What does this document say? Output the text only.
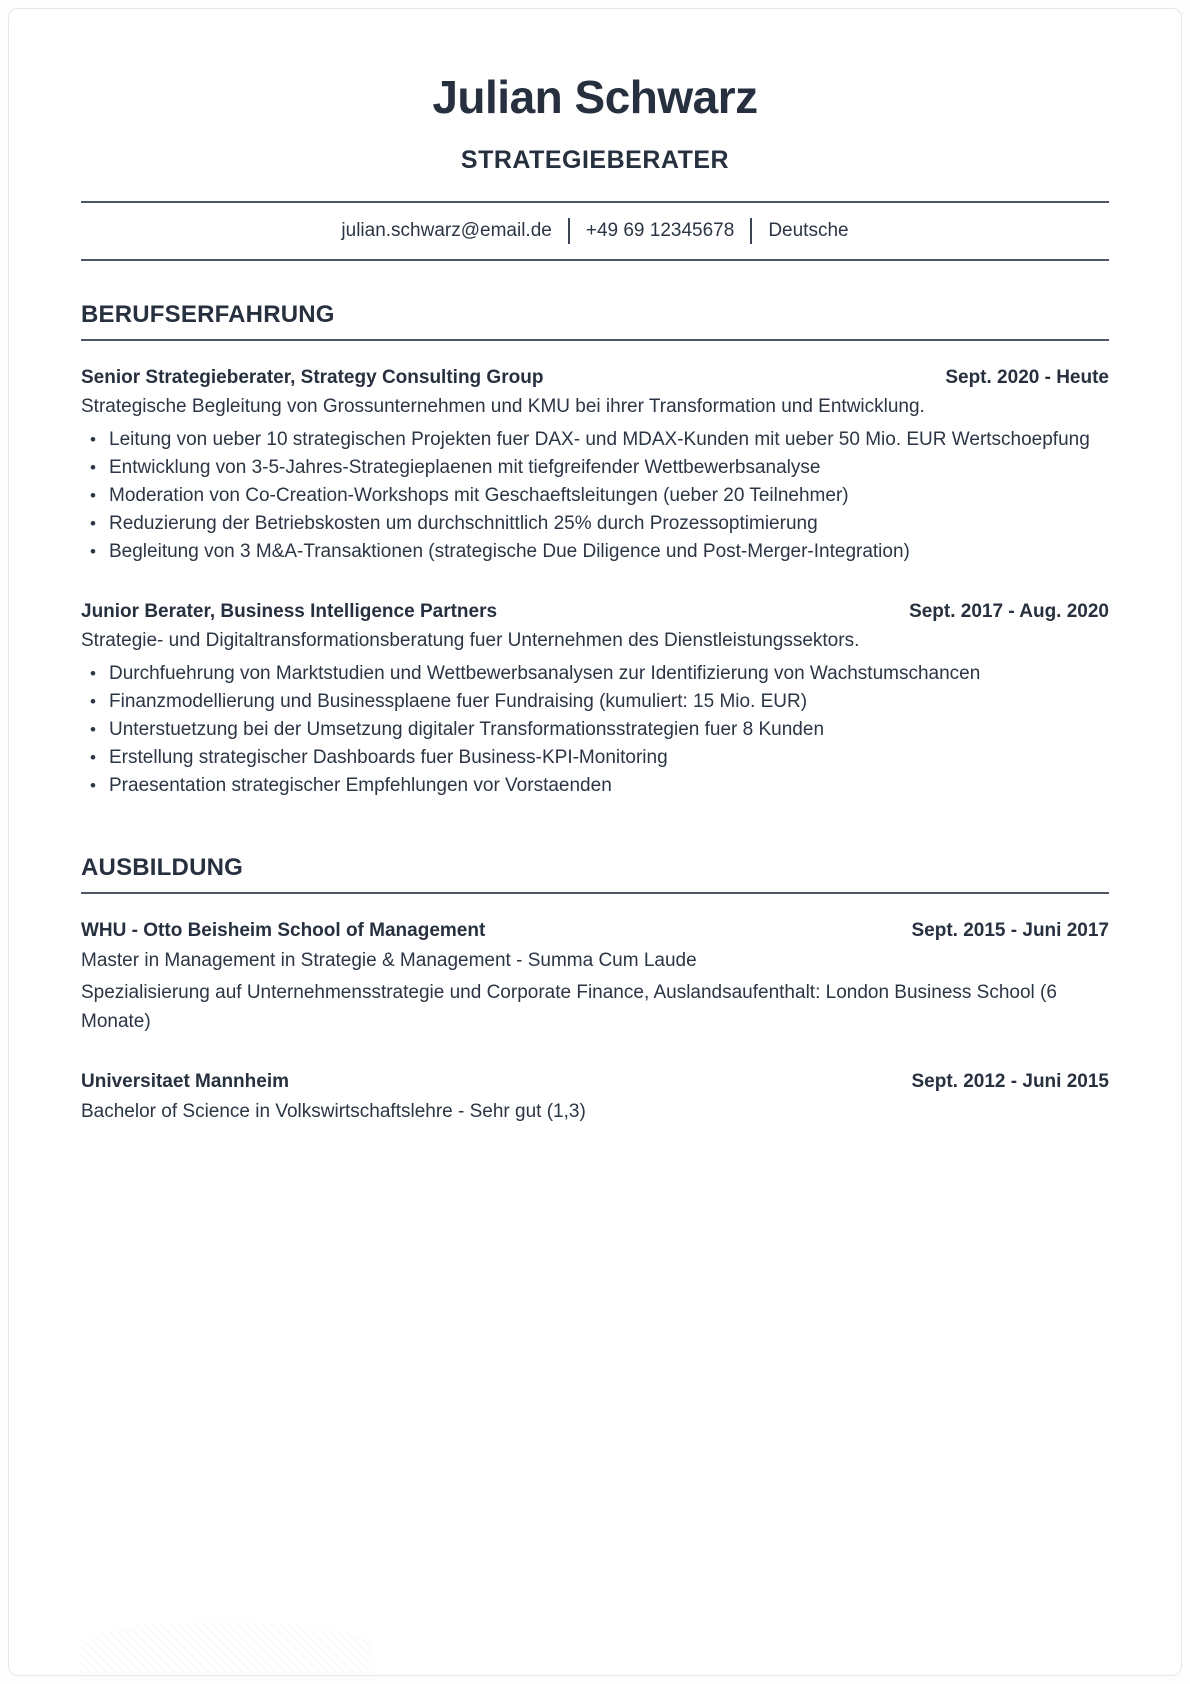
Julian Schwarz
STRATEGIEBERATER
julian.schwarz@email.de +49 69 12345678 Deutsche
BERUFSERFAHRUNG
Senior Strategieberater, Strategy Consulting Group	Sept. 2020 - Heute
Strategische Begleitung von Grossunternehmen und KMU bei ihrer Transformation und Entwicklung.
• Leitung von ueber 10 strategischen Projekten fuer DAX- und MDAX-Kunden mit ueber 50 Mio. EUR Wertschoepfung
• Entwicklung von 3-5-Jahres-Strategieplaenen mit tiefgreifender Wettbewerbsanalyse
• Moderation von Co-Creation-Workshops mit Geschaeftsleitungen (ueber 20 Teilnehmer)
• Reduzierung der Betriebskosten um durchschnittlich 25% durch Prozessoptimierung
• Begleitung von 3 M&A-Transaktionen (strategische Due Diligence und Post-Merger-Integration)
Junior Berater, Business Intelligence Partners	Sept. 2017 - Aug. 2020
Strategie- und Digitaltransformationsberatung fuer Unternehmen des Dienstleistungssektors.
• Durchfuehrung von Marktstudien und Wettbewerbsanalysen zur Identifizierung von Wachstumschancen
• Finanzmodellierung und Businessplaene fuer Fundraising (kumuliert: 15 Mio. EUR)
• Unterstuetzung bei der Umsetzung digitaler Transformationsstrategien fuer 8 Kunden
• Erstellung strategischer Dashboards fuer Business-KPI-Monitoring
• Praesentation strategischer Empfehlungen vor Vorstaenden
AUSBILDUNG
WHU - Otto Beisheim School of Management	Sept. 2015 - Juni 2017
Master in Management in Strategie & Management - Summa Cum Laude
Spezialisierung auf Unternehmensstrategie und Corporate Finance, Auslandsaufenthalt: London Business School (6 Monate)
Universitaet Mannheim	Sept. 2012 - Juni 2015
Bachelor of Science in Volkswirtschaftslehre - Sehr gut (1,3)
